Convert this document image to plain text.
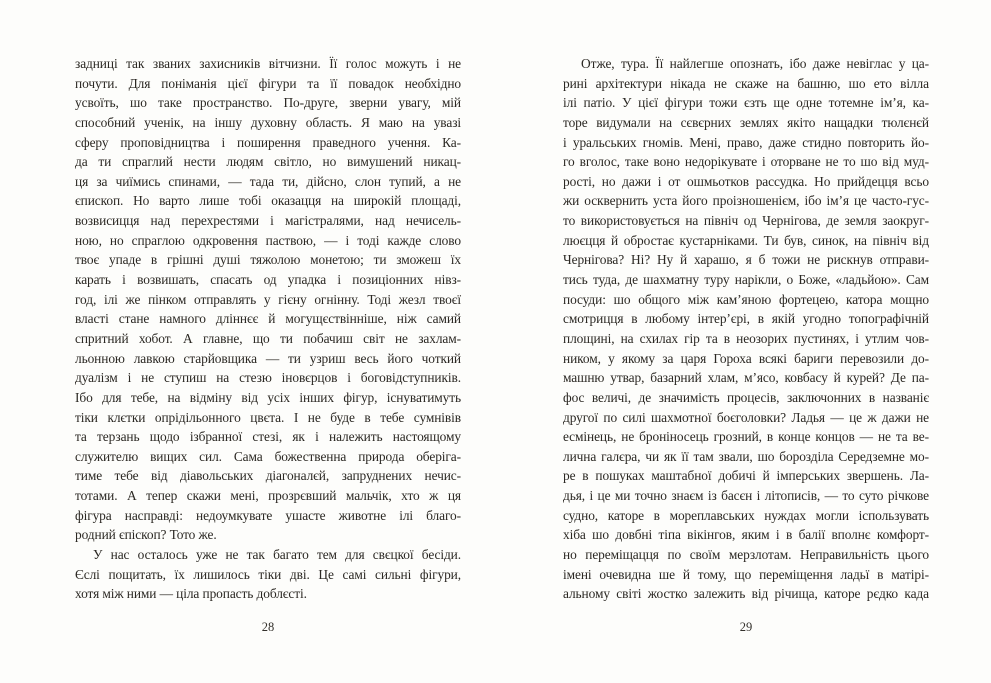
задниці так званих захисників вітчизни. Її голос можуть і не
почути. Для понімaнія цієї фігури та її повадок необхідно
усвоїть, шо таке пространство. По-друге, зверни увагу, мій
способний ученік, на іншу духовну область. Я маю на увазі
сферу проповідництва і поширення праведного учення. Ка-
да ти спраглий нести людям світло, но вимушений никац-
ця за чиїмись спинами, — тада ти, дійсно, слон тупий, а не
єпископ. Но варто лише тобі оказацця на широкій площаді,
возвисицця над перехрестями і магістралями, над нечисель-
ною, но спраглою одкровення паствою, — і тоді кажде слово
твоє упаде в грішні душі тяжолою монетою; ти зможеш їх
карать і возвишать, спасать од упадка і позиціонних нівз-
год, ілі же пінком отправлять у гієну огнінну. Тоді жезл твоєї
власті стане намного длiннєє й могущєствінніше, ніж самий
спритний хобот. А главне, що ти побачиш світ не захлам-
льонною лавкою старйовщика — ти узриш весь його чоткий
дуалізм і не ступиш на стезю іновєрцов і боговідступників.
Ібо для тебе, на відміну від усіх інших фігур, існуватимуть
тіки клєтки опрідільонного цвєта. І не буде в тебе сумнівів
та терзань щодо ізбранної стезі, як і належить настоящому
служителю вищих сил. Сама божественна природа оберіга-
тиме тебе від діавольських діагоналєй, запруднених нечис-
тотами. А тепер скажи мені, прозрєвший мальчік, хто ж ця
фігура насправді: недоумкувате ушасте животне ілі благо-
родний єпіскоп? Тото же.
У нас осталось уже не так багато тем для свєцкої бесіди.
Єслі пощитать, їх лишилось тіки дві. Це самі сильні фігури,
хотя між ними — ціла пропасть доблєсті.
28
Отже, тура. Її найлегше опознать, ібо даже невіглас у ца-
рині архітектури нікада не скаже на башню, шо ето вілла
ілі патіо. У цієї фігури тожи єзть ще одне тотемне ім’я, ка-
торе видумали на сєвєрних землях якіто нащадки тюлєнєй
і уральських гномів. Мені, право, даже стидно повторить йо-
го вголос, таке воно недорікувате і оторване не то шо від муд-
рості, но дажи і от ошмьотков рассудка. Но прийдецця всьо
жи осквернить уста його проізношенієм, ібо ім’я це часто-гус-
то використовується на північ од Чернігова, де земля заокруг-
люєцця й обростає кустарніками. Ти був, синок, на північ від
Чернігова? Ні? Ну й харашо, я б тожи не рискнув отправи-
тись туда, де шахматну туру нарікли, о Боже, «ладьйою». Сам
посуди: шо общого між кам’яною фортецею, катора мощно
смотрицця в любому інтер’єрі, в якій угодно топографічній
площині, на схилах гір та в неозорих пустинях, і утлим чов-
ником, у якому за царя Гороха всякі бариги перевозили до-
машню утвар, базарний хлам, м’ясо, ковбасу й курей? Де па-
фос величі, де значимість процесів, заключонних в названіє
другої по силі шахмотної боєголовки? Ладья — це ж дажи не
есмінець, не броніносець грозний, в конце концов — не та ве-
лична галєра, чи як її там звали, шо борозділа Середземне мо-
ре в пошуках маштабної добичі й імперських звершень. Ла-
дья, і це ми точно знаєм із басєн і літописів, — то суто річкове
судно, каторе в мореплавських нуждах могли іспользувать
хіба шо довбні тіпа вікінгов, яким і в балії вполнє комфорт-
но переміщацця по своїм мерзлотам. Неправильність цього
імені очевидна ше й тому, що переміщення ладьї в матірі-
альному світі жостко залежить від річища, каторе рєдко када
29
